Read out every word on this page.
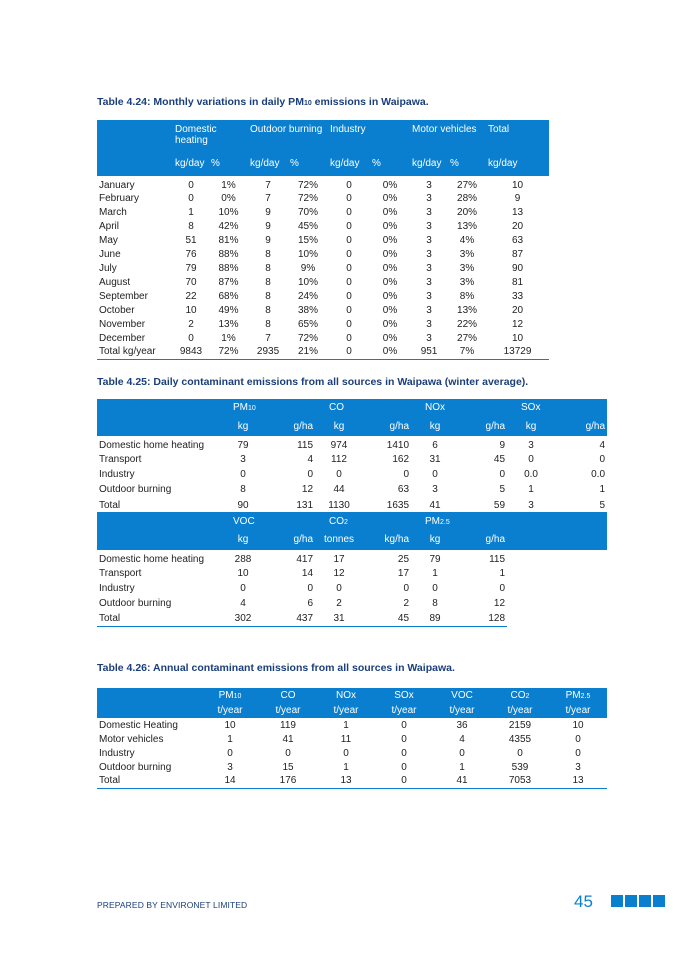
Table 4.24: Monthly variations in daily PM10 emissions in Waipawa.
	Domestic heating		Outdoor burning		Industry		Motor vehicles		Total
	kg/day	%	kg/day	%	kg/day	%	kg/day	%	kg/day
January	0	1%	7	72%	0	0%	3	27%	10
February	0	0%	7	72%	0	0%	3	28%	9
March	1	10%	9	70%	0	0%	3	20%	13
April	8	42%	9	45%	0	0%	3	13%	20
May	51	81%	9	15%	0	0%	3	4%	63
June	76	88%	8	10%	0	0%	3	3%	87
July	79	88%	8	9%	0	0%	3	3%	90
August	70	87%	8	10%	0	0%	3	3%	81
September	22	68%	8	24%	0	0%	3	8%	33
October	10	49%	8	38%	0	0%	3	13%	20
November	2	13%	8	65%	0	0%	3	22%	12
December	0	1%	7	72%	0	0%	3	27%	10
Total kg/year	9843	72%	2935	21%	0	0%	951	7%	13729
Table 4.25: Daily contaminant emissions from all sources in Waipawa (winter average).
	PM10		CO		NOx		SOx	
	kg	g/ha	kg	g/ha	kg	g/ha	kg	g/ha
Domestic home heating	79	115	974	1410	6	9	3	4
Transport	3	4	112	162	31	45	0	0
Industry	0	0	0	0	0	0	0.0	0.0
Outdoor burning	8	12	44	63	3	5	1	1
Total	90	131	1130	1635	41	59	3	5
	VOC		CO2		PM2.5			
	kg	g/ha	tonnes	kg/ha	kg	g/ha		
Domestic home heating	288	417	17	25	79	115		
Transport	10	14	12	17	1	1		
Industry	0	0	0	0	0	0		
Outdoor burning	4	6	2	2	8	12		
Total	302	437	31	45	89	128		
Table 4.26: Annual contaminant emissions from all sources in Waipawa.
	PM10	CO	NOx	SOx	VOC	CO2	PM2.5
	t/year	t/year	t/year	t/year	t/year	t/year	t/year
Domestic Heating	10	119	1	0	36	2159	10
Motor vehicles	1	41	11	0	4	4355	0
Industry	0	0	0	0	0	0	0
Outdoor burning	3	15	1	0	1	539	3
Total	14	176	13	0	41	7053	13
PREPARED BY ENVIRONET LIMITED	45
